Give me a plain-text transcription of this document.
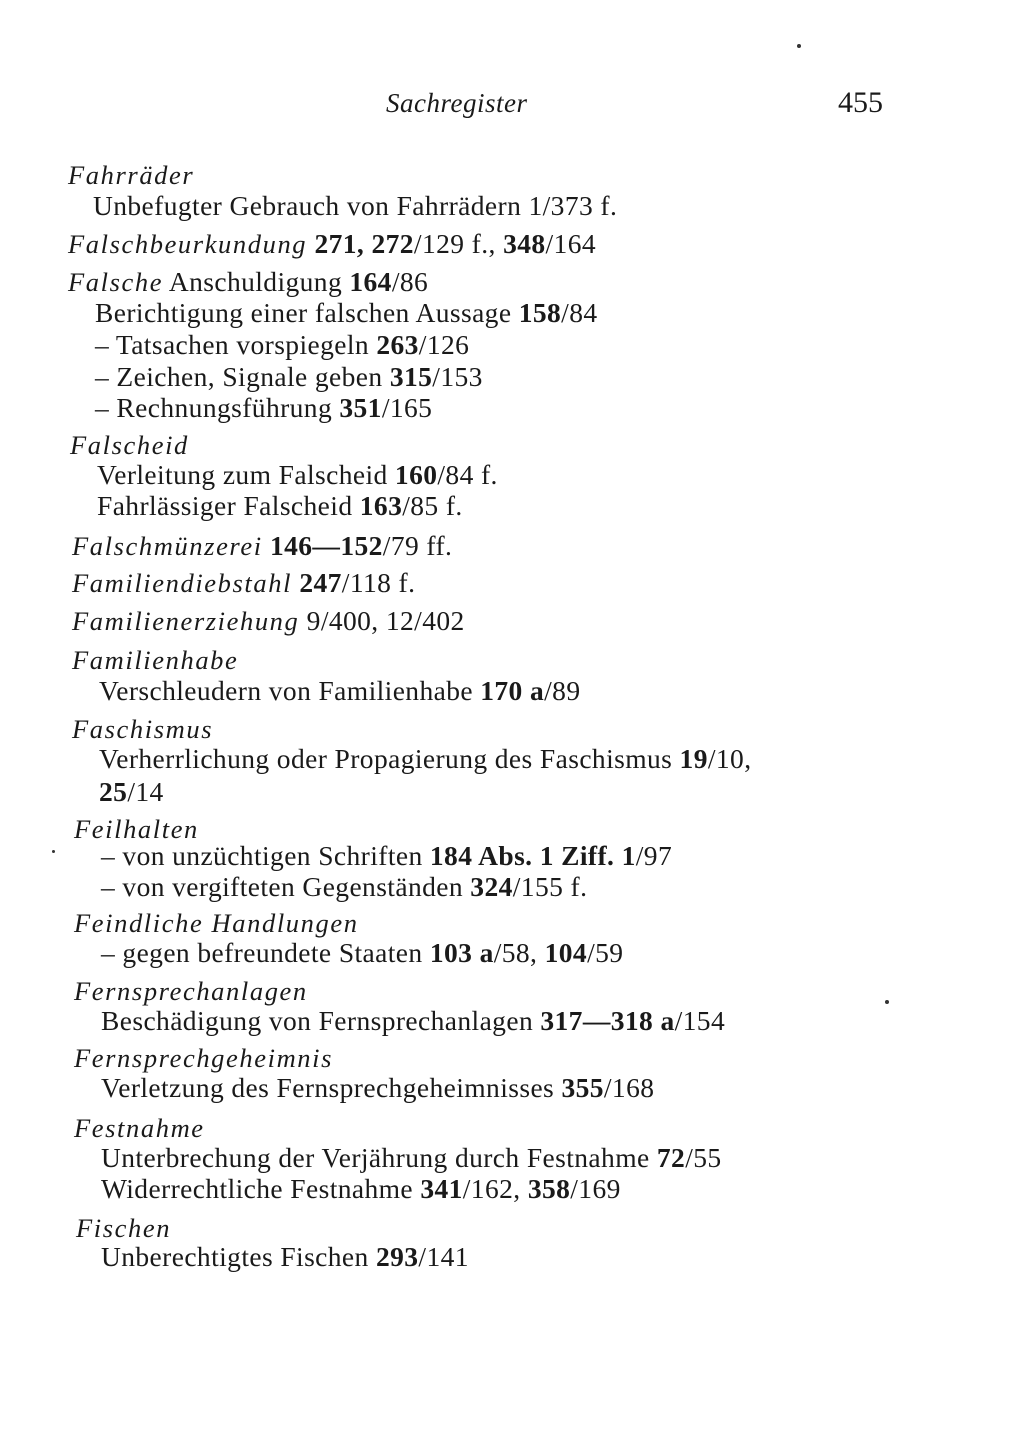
Sachregister	455
Fahrräder
Unbefugter Gebrauch von Fahrrädern 1/373 f.
Falschbeurkundung 271, 272/129 f., 348/164
Falsche Anschuldigung 164/86
Berichtigung einer falschen Aussage 158/84
– Tatsachen vorspiegeln 263/126
– Zeichen, Signale geben 315/153
– Rechnungsführung 351/165
Falscheid
Verleitung zum Falscheid 160/84 f.
Fahrlässiger Falscheid 163/85 f.
Falschmünzerei 146—152/79 ff.
Familiendiebstahl 247/118 f.
Familienerziehung 9/400, 12/402
Familienhabe
Verschleudern von Familienhabe 170 a/89
Faschismus
Verherrlichung oder Propagierung des Faschismus 19/10,
25/14
Feilhalten
– von unzüchtigen Schriften 184 Abs. 1 Ziff. 1/97
– von vergifteten Gegenständen 324/155 f.
Feindliche Handlungen
– gegen befreundete Staaten 103 a/58, 104/59
Fernsprechanlagen
Beschädigung von Fernsprechanlagen 317—318 a/154
Fernsprechgeheimnis
Verletzung des Fernsprechgeheimnisses 355/168
Festnahme
Unterbrechung der Verjährung durch Festnahme 72/55
Widerrechtliche Festnahme 341/162, 358/169
Fischen
Unberechtigtes Fischen 293/141
